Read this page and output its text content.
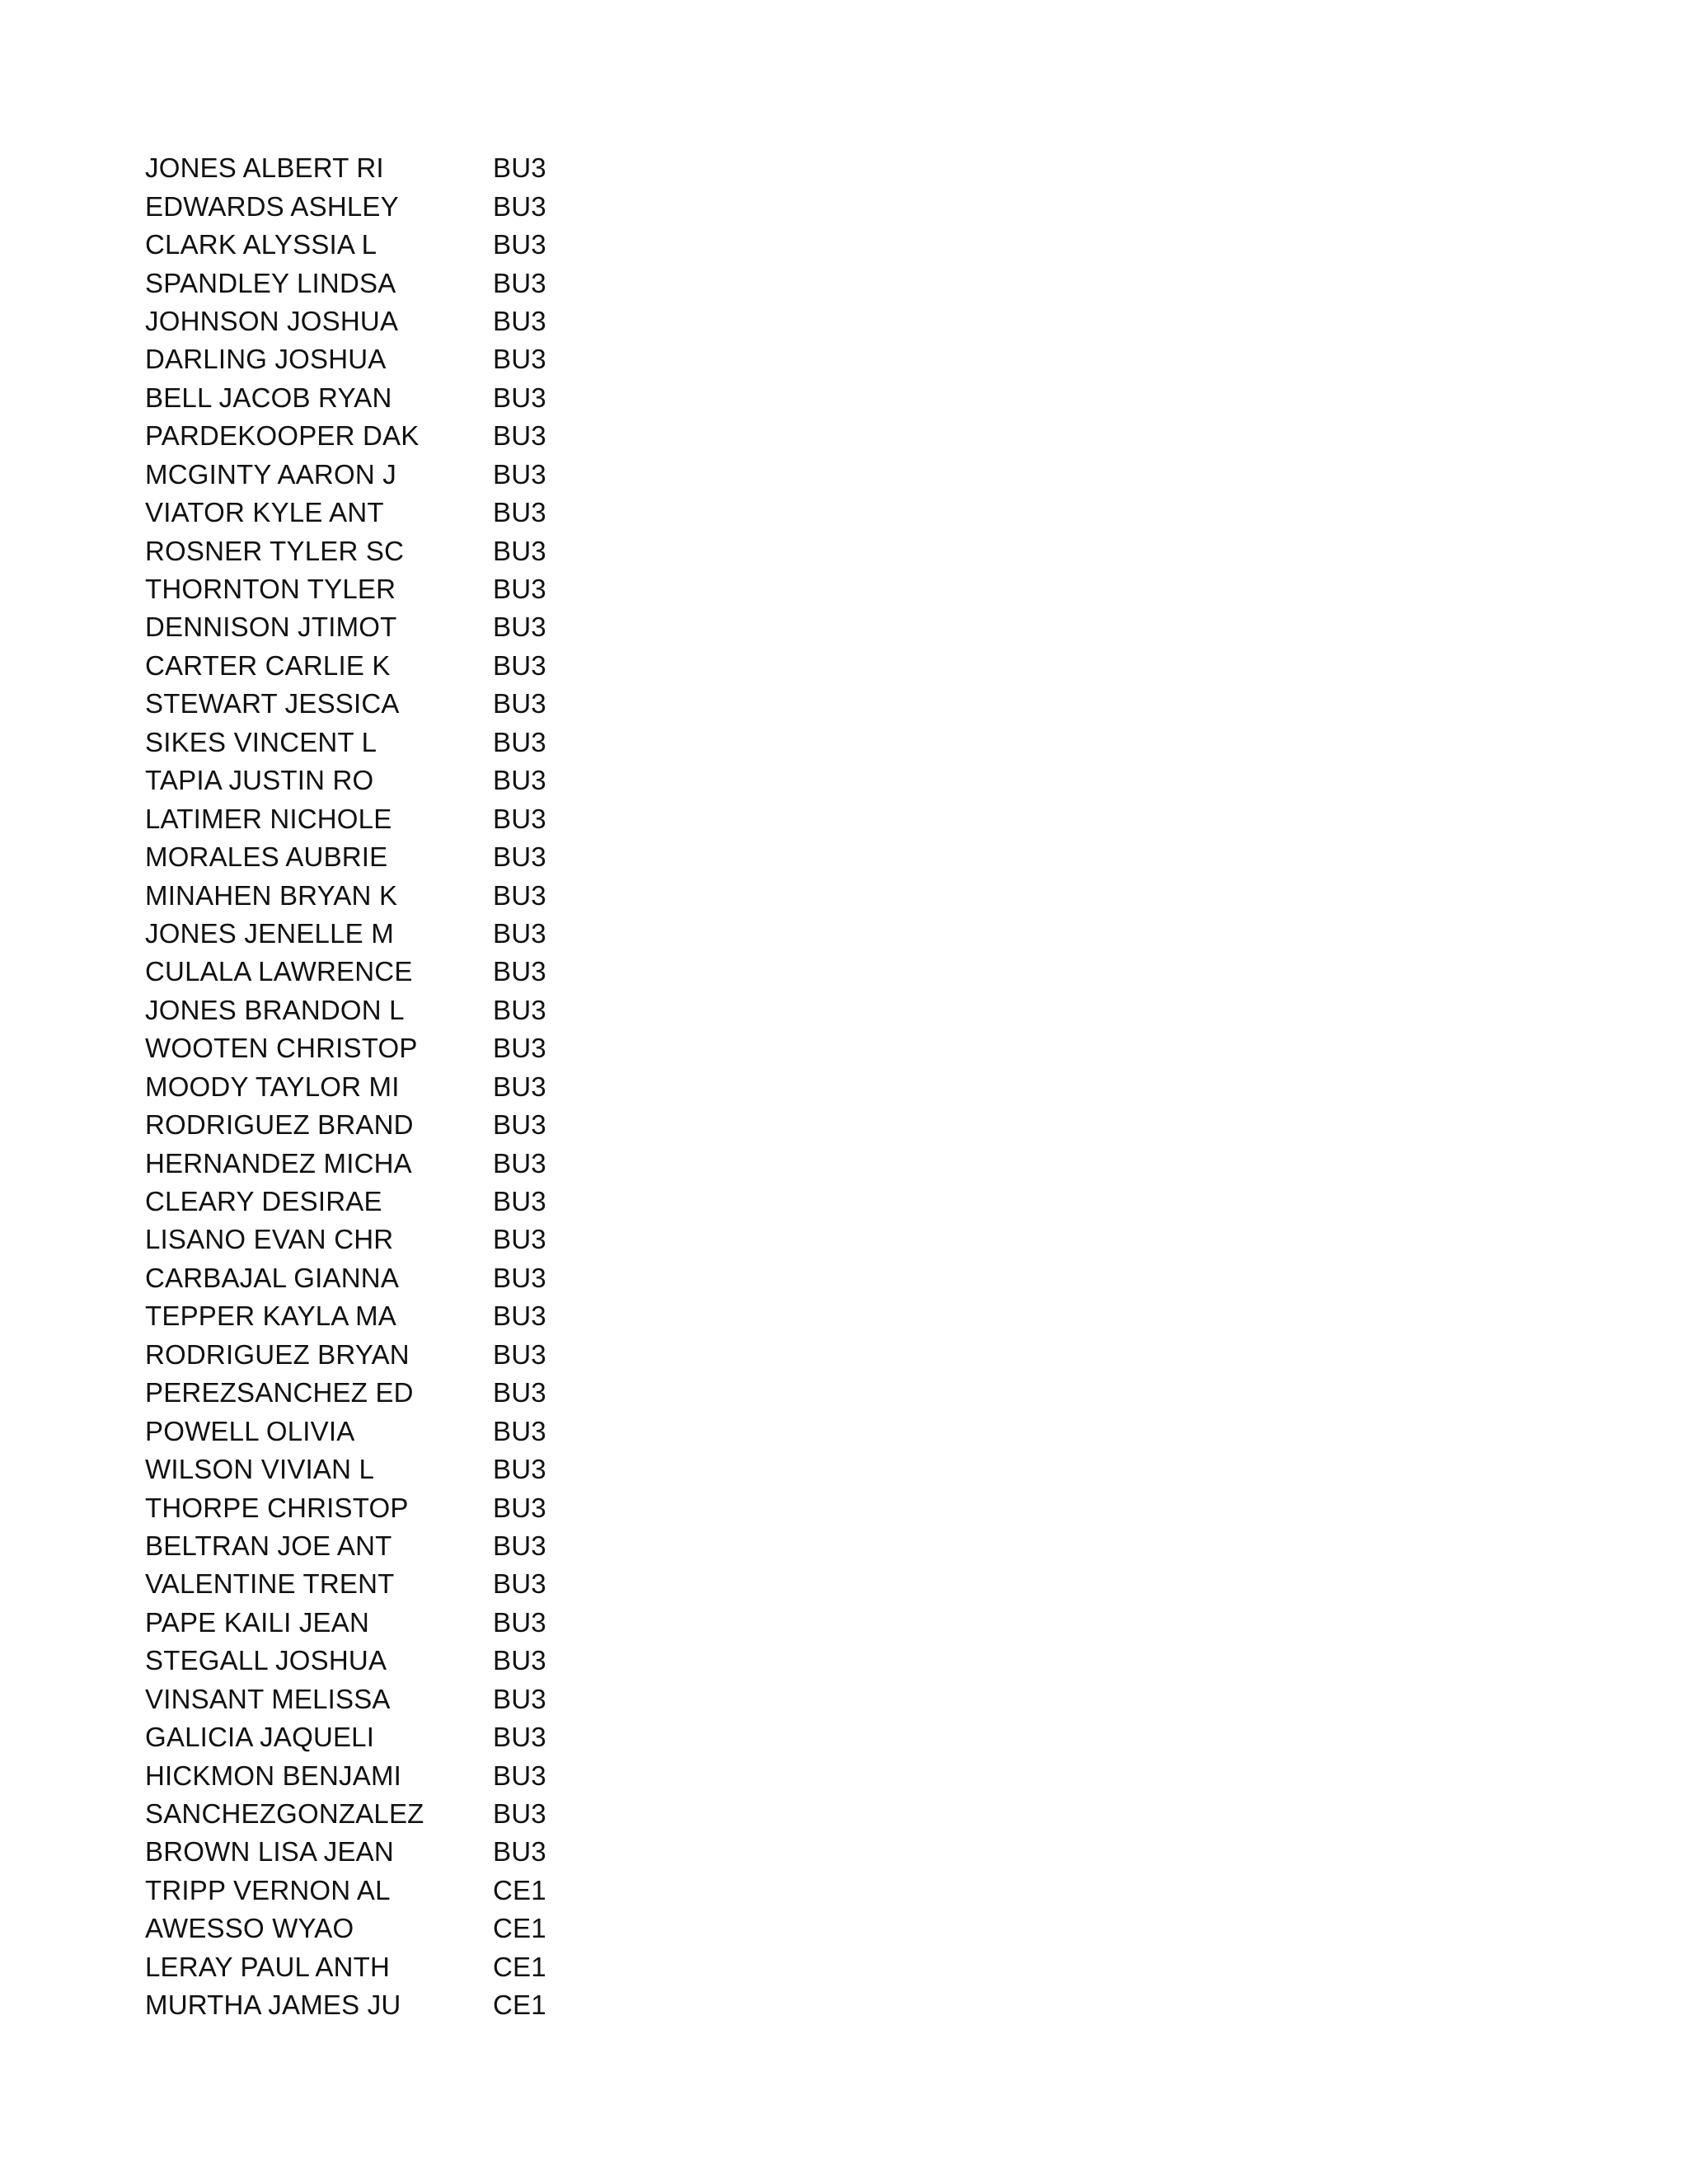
JONES ALBERT RI	BU3
EDWARDS ASHLEY	BU3
CLARK ALYSSIA L	BU3
SPANDLEY LINDSA	BU3
JOHNSON JOSHUA	BU3
DARLING JOSHUA	BU3
BELL JACOB RYAN	BU3
PARDEKOOPER DAK	BU3
MCGINTY AARON J	BU3
VIATOR KYLE ANT	BU3
ROSNER TYLER SC	BU3
THORNTON TYLER	BU3
DENNISON JTIMOT	BU3
CARTER CARLIE K	BU3
STEWART JESSICA	BU3
SIKES VINCENT L	BU3
TAPIA JUSTIN RO	BU3
LATIMER NICHOLE	BU3
MORALES AUBRIE	BU3
MINAHEN BRYAN K	BU3
JONES JENELLE M	BU3
CULALA LAWRENCE	BU3
JONES BRANDON L	BU3
WOOTEN CHRISTOP	BU3
MOODY TAYLOR MI	BU3
RODRIGUEZ BRAND	BU3
HERNANDEZ MICHA	BU3
CLEARY DESIRAE	BU3
LISANO EVAN CHR	BU3
CARBAJAL GIANNA	BU3
TEPPER KAYLA MA	BU3
RODRIGUEZ BRYAN	BU3
PEREZSANCHEZ ED	BU3
POWELL OLIVIA	BU3
WILSON VIVIAN L	BU3
THORPE CHRISTOP	BU3
BELTRAN JOE ANT	BU3
VALENTINE TRENT	BU3
PAPE KAILI JEAN	BU3
STEGALL JOSHUA	BU3
VINSANT MELISSA	BU3
GALICIA JAQUELI	BU3
HICKMON BENJAMI	BU3
SANCHEZGONZALEZ	BU3
BROWN LISA JEAN	BU3
TRIPP VERNON AL	CE1
AWESSO WYAO	CE1
LERAY PAUL ANTH	CE1
MURTHA JAMES JU	CE1
